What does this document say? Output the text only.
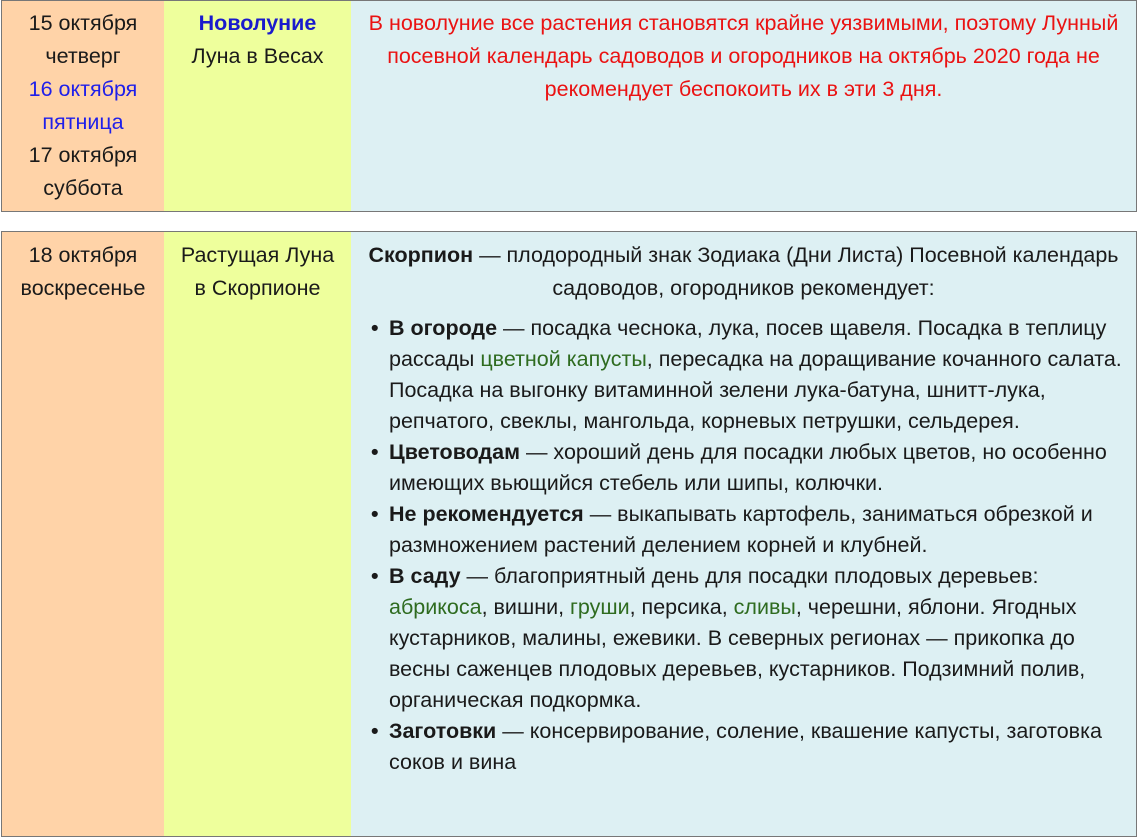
15 октября
четверг
16 октября
пятница
17 октября
суббота
Новолуние
Луна в Весах
В новолуние все растения становятся крайне уязвимыми, поэтому Лунный посевной календарь садоводов и огородников на октябрь 2020 года не рекомендует беспокоить их в эти 3 дня.
18 октября
воскресенье
Растущая Луна
в Скорпионе

Скорпион — плодородный знак Зодиака (Дни Листа) Посевной календарь садоводов, огородников рекомендует:

• В огороде — посадка чеснока, лука, посев щавеля. Посадка в теплицу рассады цветной капусты, пересадка на доращивание кочанного салата. Посадка на выгонку витаминной зелени лука-батуна, шнитт-лука, репчатого, свеклы, мангольда, корневых петрушки, сельдерея.
• Цветоводам — хороший день для посадки любых цветов, но особенно имеющих вьющийся стебель или шипы, колючки.
• Не рекомендуется — выкапывать картофель, заниматься обрезкой и размножением растений делением корней и клубней.
• В саду — благоприятный день для посадки плодовых деревьев: абрикоса, вишни, груши, персика, сливы, черешни, яблони. Ягодных кустарников, малины, ежевики. В северных регионах — прикопка до весны саженцев плодовых деревьев, кустарников. Подзимний полив, органическая подкормка.
• Заготовки — консервирование, соление, квашение капусты, заготовка соков и вина
